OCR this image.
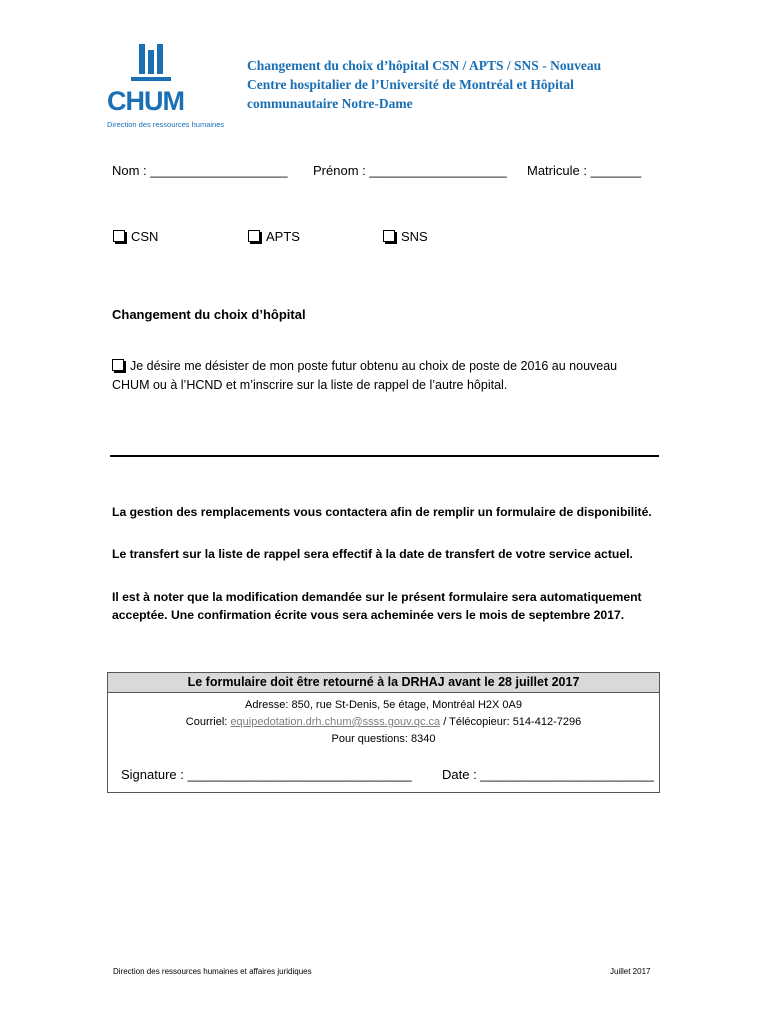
CHUM
Direction des ressources humaines
Changement du choix d’hôpital CSN / APTS / SNS - Nouveau
Centre hospitalier de l’Université de Montréal et Hôpital
communautaire Notre-Dame
Nom : ___________________ Prénom : ___________________ Matricule : _______
CSN	APTS	SNS
Changement du choix d’hôpital
Je désire me désister de mon poste futur obtenu au choix de poste de 2016 au nouveau
CHUM ou à l’HCND et m’inscrire sur la liste de rappel de l’autre hôpital.
La gestion des remplacements vous contactera afin de remplir un formulaire de disponibilité.
Le transfert sur la liste de rappel sera effectif à la date de transfert de votre service actuel.
Il est à noter que la modification demandée sur le présent formulaire sera automatiquement
acceptée. Une confirmation écrite vous sera acheminée vers le mois de septembre 2017.
Le formulaire doit être retourné à la DRHAJ avant le 28 juillet 2017
Adresse: 850, rue St-Denis, 5e étage, Montréal H2X 0A9
Courriel: equipedotation.drh.chum@ssss.gouv.qc.ca / Télécopieur: 514-412-7296
Pour questions: 8340
Signature : _______________________________ Date : ________________________
Direction des ressources humaines et affaires juridiques	Juillet 2017
